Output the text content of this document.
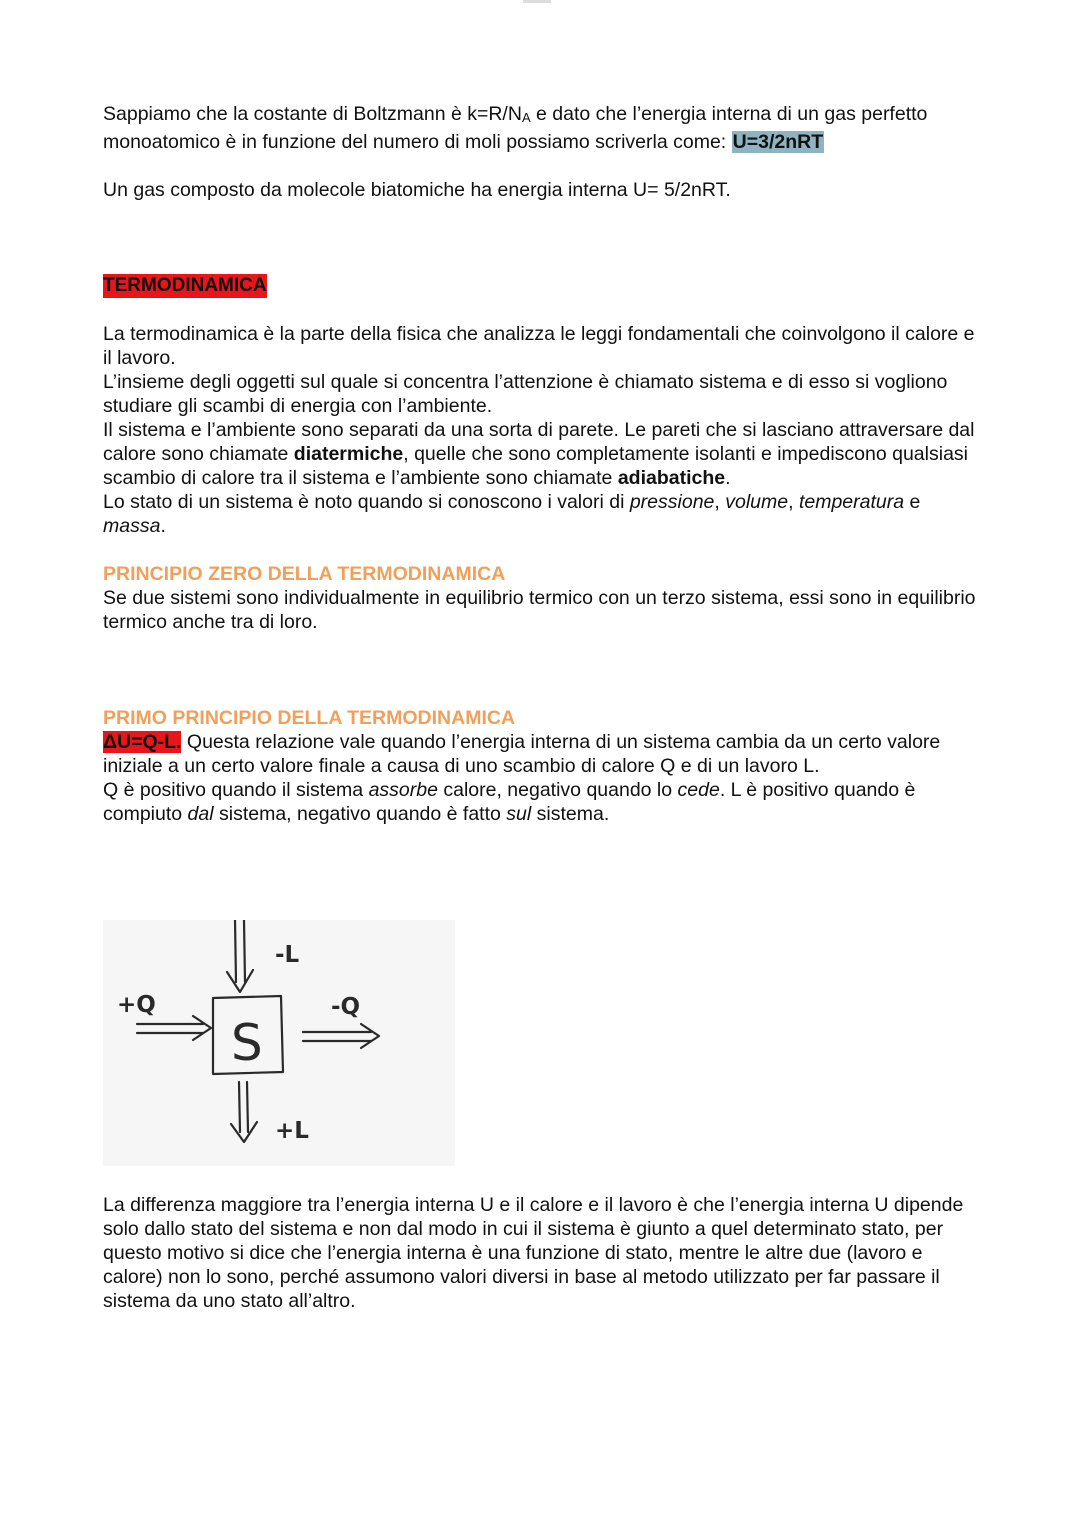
Sappiamo che la costante di Boltzmann è $k=R/N_A$ e dato che l’energia interna di un gas perfetto monoatomico è in funzione del numero di moli possiamo scriverla come: U=3/2nRT

Un gas composto da molecole biatomiche ha energia interna U= 5/2nRT.

TERMODINAMICA

La termodinamica è la parte della fisica che analizza le leggi fondamentali che coinvolgono il calore e il lavoro.

L’insieme degli oggetti sul quale si concentra l’attenzione è chiamato sistema e di esso si vogliono studiare gli scambi di energia con l’ambiente.

Il sistema e l’ambiente sono separati da una sorta di parete. Le pareti che si lasciano attraversare dal calore sono chiamate diatermiche, quelle che sono completamente isolanti e impediscono qualsiasi scambio di calore tra il sistema e l’ambiente sono chiamate adiabatiche.

Lo stato di un sistema è noto quando si conoscono i valori di pressione, volume, temperatura e massa.

PRINCIPIO ZERO DELLA TERMODINAMICA

Se due sistemi sono individualmente in equilibrio termico con un terzo sistema, essi sono in equilibrio termico anche tra di loro.

PRIMO PRINCIPIO DELLA TERMODINAMICA

ΔU=Q-L. Questa relazione vale quando l’energia interna di un sistema cambia da un certo valore iniziale a un certo valore finale a causa di uno scambio di calore Q e di un lavoro L.

Q è positivo quando il sistema assorbe calore, negativo quando lo cede. L è positivo quando è compiuto dal sistema, negativo quando è fatto sul sistema.

S
-L
+L
+Q	-Q

La differenza maggiore tra l’energia interna U e il calore e il lavoro è che l’energia interna U dipende solo dallo stato del sistema e non dal modo in cui il sistema è giunto a quel determinato stato, per questo motivo si dice che l’energia interna è una funzione di stato, mentre le altre due (lavoro e calore) non lo sono, perché assumono valori diversi in base al metodo utilizzato per far passare il sistema da uno stato all’altro.
